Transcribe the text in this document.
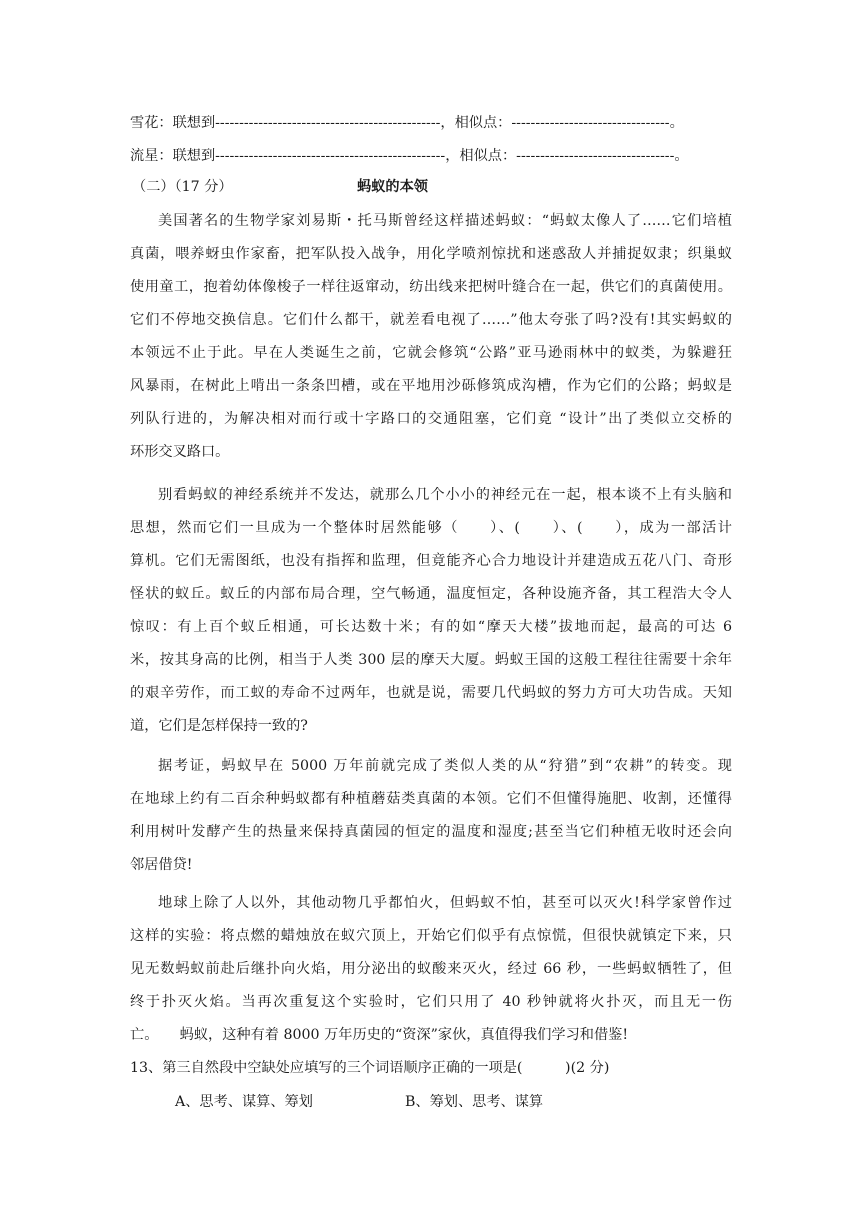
雪花：联想到-----------------------------------------------，相似点：---------------------------------。
流星：联想到------------------------------------------------，相似点：---------------------------------。
（二）（17 分）	蚂蚁的本领
美国著名的生物学家刘易斯・托马斯曾经这样描述蚂蚁：“蚂蚁太像人了……它们培植
真菌，喂养蚜虫作家畜，把军队投入战争，用化学喷剂惊扰和迷惑敌人并捕捉奴隶；织巢蚁
使用童工，抱着幼体像梭子一样往返窜动，纺出线来把树叶缝合在一起，供它们的真菌使用。
它们不停地交换信息。它们什么都干，就差看电视了……”他太夸张了吗?没有!其实蚂蚁的
本领远不止于此。早在人类诞生之前，它就会修筑“公路”亚马逊雨林中的蚁类，为躲避狂
风暴雨，在树此上啃出一条条凹槽，或在平地用沙砾修筑成沟槽，作为它们的公路；蚂蚁是
列队行进的，为解决相对而行或十字路口的交通阻塞，它们竟 “设计”出了类似立交桥的
环形交叉路口。
别看蚂蚁的神经系统并不发达，就那么几个小小的神经元在一起，根本谈不上有头脑和
思想，然而它们一旦成为一个整体时居然能够（　　）、(　　）、(　　），成为一部活计
算机。它们无需图纸，也没有指挥和监理，但竟能齐心合力地设计并建造成五花八门、奇形
怪状的蚁丘。蚁丘的内部布局合理，空气畅通，温度恒定，各种设施齐备，其工程浩大令人
惊叹：有上百个蚁丘相通，可长达数十米；有的如“摩天大楼”拔地而起，最高的可达 6
米，按其身高的比例，相当于人类 300 层的摩天大厦。蚂蚁王国的这般工程往往需要十余年
的艰辛劳作，而工蚁的寿命不过两年，也就是说，需要几代蚂蚁的努力方可大功告成。天知
道，它们是怎样保持一致的?
据考证，蚂蚁早在 5000 万年前就完成了类似人类的从“狩猎”到“农耕”的转变。现
在地球上约有二百余种蚂蚁都有种植蘑菇类真菌的本领。它们不但懂得施肥、收割，还懂得
利用树叶发酵产生的热量来保持真菌园的恒定的温度和湿度;甚至当它们种植无收时还会向
邻居借贷!
地球上除了人以外，其他动物几乎都怕火，但蚂蚁不怕，甚至可以灭火!科学家曾作过
这样的实验：将点燃的蜡烛放在蚁穴顶上，开始它们似乎有点惊慌，但很快就镇定下来，只
见无数蚂蚁前赴后继扑向火焰，用分泌出的蚁酸来灭火，经过 66 秒，一些蚂蚁牺牲了，但
终于扑灭火焰。当再次重复这个实验时，它们只用了 40 秒钟就将火扑灭，而且无一伤
亡。　　蚂蚁，这种有着 8000 万年历史的“资深”家伙，真值得我们学习和借鉴!
13、第三自然段中空缺处应填写的三个词语顺序正确的一项是(　　　)(2 分)
A、思考、谋算、筹划	B、筹划、思考、谋算
